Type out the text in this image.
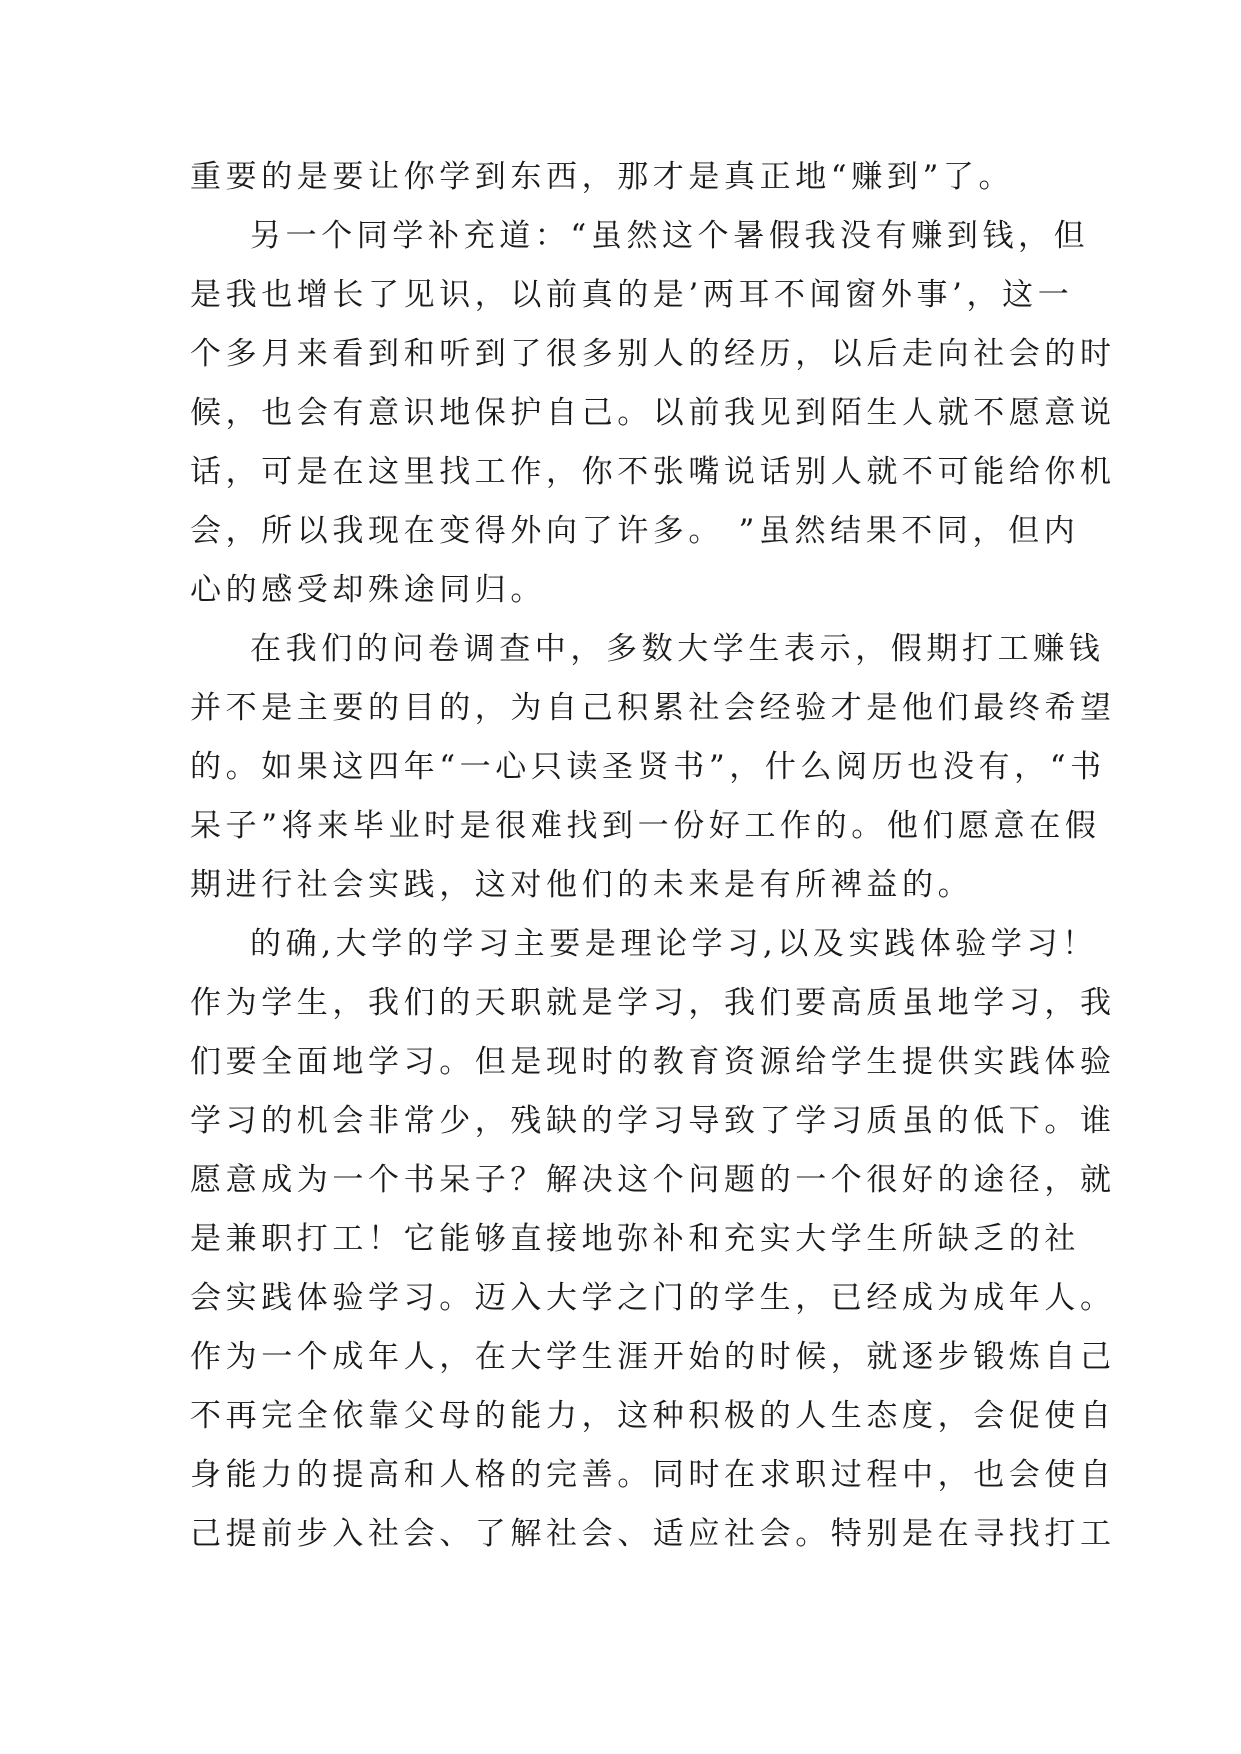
重要的是要让你学到东西，那才是真正地“赚到”了。
另一个同学补充道：“虽然这个暑假我没有赚到钱，但
是我也增长了见识，以前真的是’两耳不闻窗外事’，这一
个多月来看到和听到了很多别人的经历，以后走向社会的时
候，也会有意识地保护自己。以前我见到陌生人就不愿意说
话，可是在这里找工作，你不张嘴说话别人就不可能给你机
会，所以我现在变得外向了许多。 ”虽然结果不同，但内
心的感受却殊途同归。
在我们的问卷调查中，多数大学生表示，假期打工赚钱
并不是主要的目的，为自己积累社会经验才是他们最终希望
的。如果这四年“一心只读圣贤书”，什么阅历也没有，“书
呆子”将来毕业时是很难找到一份好工作的。他们愿意在假
期进行社会实践，这对他们的未来是有所裨益的。
的确,大学的学习主要是理论学习,以及实践体验学习！
作为学生，我们的天职就是学习，我们要高质虽地学习，我
们要全面地学习。但是现时的教育资源给学生提供实践体验
学习的机会非常少，残缺的学习导致了学习质虽的低下。谁
愿意成为一个书呆子？解决这个问题的一个很好的途径，就
是兼职打工！它能够直接地弥补和充实大学生所缺乏的社
会实践体验学习。迈入大学之门的学生，已经成为成年人。
作为一个成年人，在大学生涯开始的时候，就逐步锻炼自己
不再完全依靠父母的能力，这种积极的人生态度，会促使自
身能力的提高和人格的完善。同时在求职过程中，也会使自
己提前步入社会、了解社会、适应社会。特别是在寻找打工
